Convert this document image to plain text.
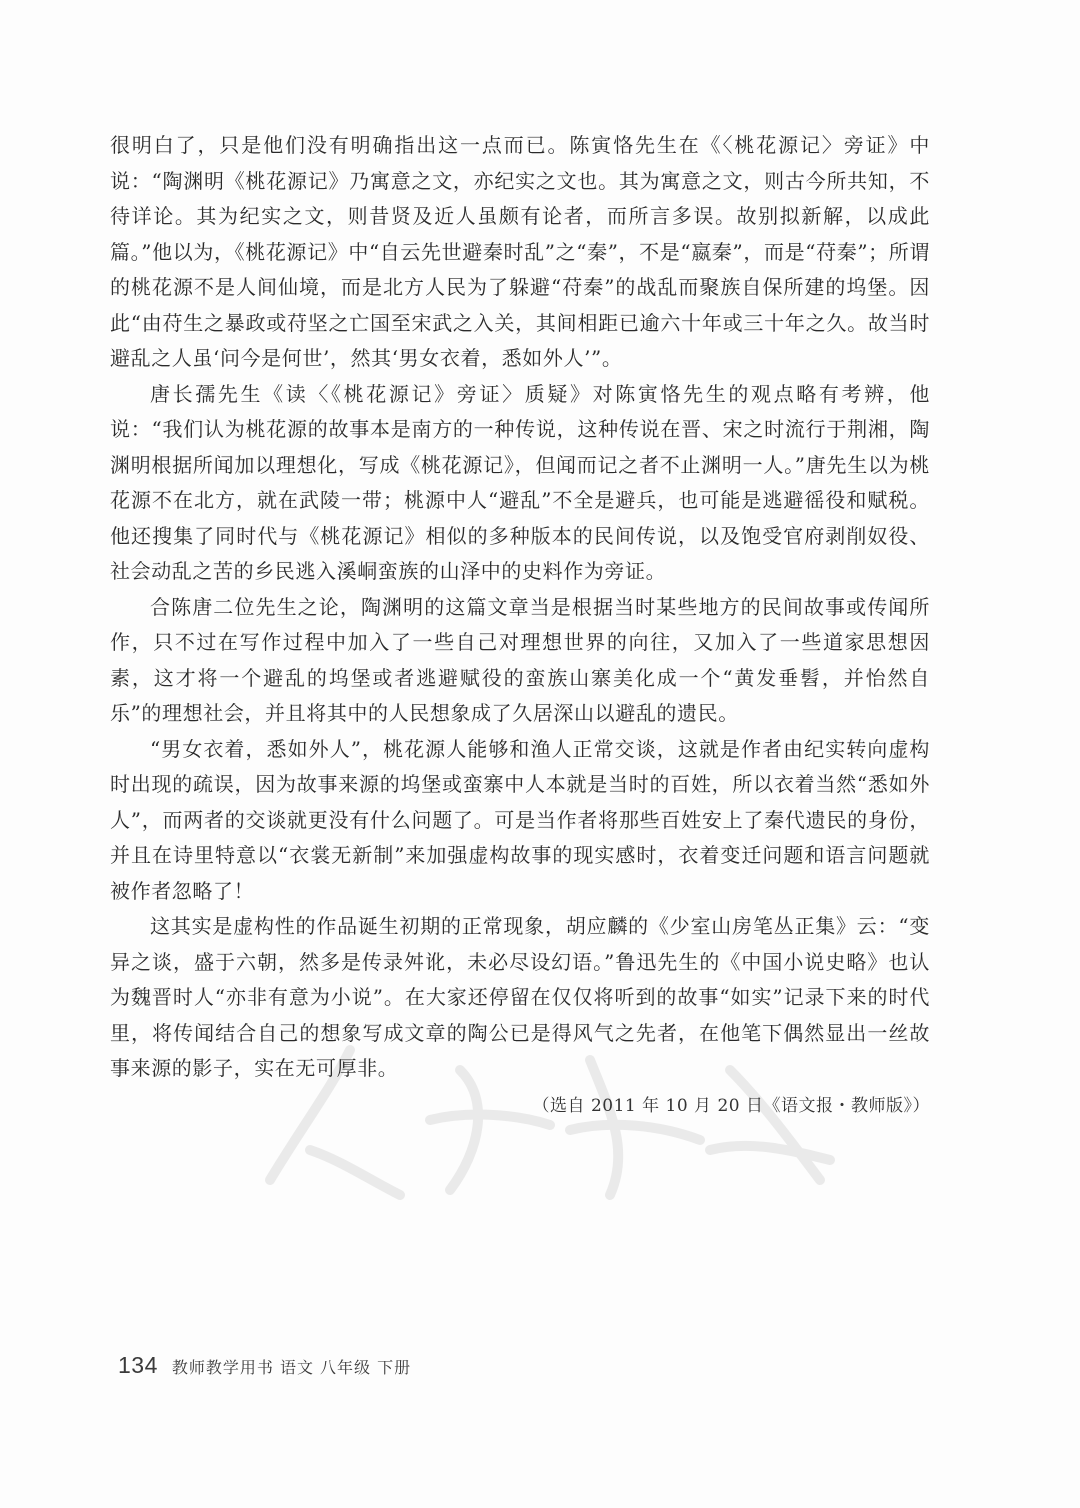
很明白了，只是他们没有明确指出这一点而已。陈寅恪先生在《〈桃花源记〉旁证》中说：“陶渊明《桃花源记》乃寓意之文，亦纪实之文也。其为寓意之文，则古今所共知，不待详论。其为纪实之文，则昔贤及近人虽颇有论者，而所言多误。故别拟新解，以成此篇。”他以为，《桃花源记》中“自云先世避秦时乱”之“秦”，不是“嬴秦”，而是“苻秦”；所谓的桃花源不是人间仙境，而是北方人民为了躲避“苻秦”的战乱而聚族自保所建的坞堡。因此“由苻生之暴政或苻坚之亡国至宋武之入关，其间相距已逾六十年或三十年之久。故当时避乱之人虽‘问今是何世’，然其‘男女衣着，悉如外人’”。

唐长孺先生《读〈《桃花源记》旁证〉质疑》对陈寅恪先生的观点略有考辨，他说：“我们认为桃花源的故事本是南方的一种传说，这种传说在晋、宋之时流行于荆湘，陶渊明根据所闻加以理想化，写成《桃花源记》，但闻而记之者不止渊明一人。”唐先生以为桃花源不在北方，就在武陵一带；桃源中人“避乱”不全是避兵，也可能是逃避徭役和赋税。他还搜集了同时代与《桃花源记》相似的多种版本的民间传说，以及饱受官府剥削奴役、社会动乱之苦的乡民逃入溪峒蛮族的山泽中的史料作为旁证。

合陈唐二位先生之论，陶渊明的这篇文章当是根据当时某些地方的民间故事或传闻所作，只不过在写作过程中加入了一些自己对理想世界的向往，又加入了一些道家思想因素，这才将一个避乱的坞堡或者逃避赋役的蛮族山寨美化成一个“黄发垂髫，并怡然自乐”的理想社会，并且将其中的人民想象成了久居深山以避乱的遗民。

“男女衣着，悉如外人”，桃花源人能够和渔人正常交谈，这就是作者由纪实转向虚构时出现的疏误，因为故事来源的坞堡或蛮寨中人本就是当时的百姓，所以衣着当然“悉如外人”，而两者的交谈就更没有什么问题了。可是当作者将那些百姓安上了秦代遗民的身份，并且在诗里特意以“衣裳无新制”来加强虚构故事的现实感时，衣着变迁问题和语言问题就被作者忽略了！

这其实是虚构性的作品诞生初期的正常现象，胡应麟的《少室山房笔丛正集》云：“变异之谈，盛于六朝，然多是传录舛讹，未必尽设幻语。”鲁迅先生的《中国小说史略》也认为魏晋时人“亦非有意为小说”。在大家还停留在仅仅将听到的故事“如实”记录下来的时代里，将传闻结合自己的想象写成文章的陶公已是得风气之先者，在他笔下偶然显出一丝故事来源的影子，实在无可厚非。

（选自 2011 年 10 月 20 日《语文报・教师版》）

134 教师教学用书 语文 八年级 下册
